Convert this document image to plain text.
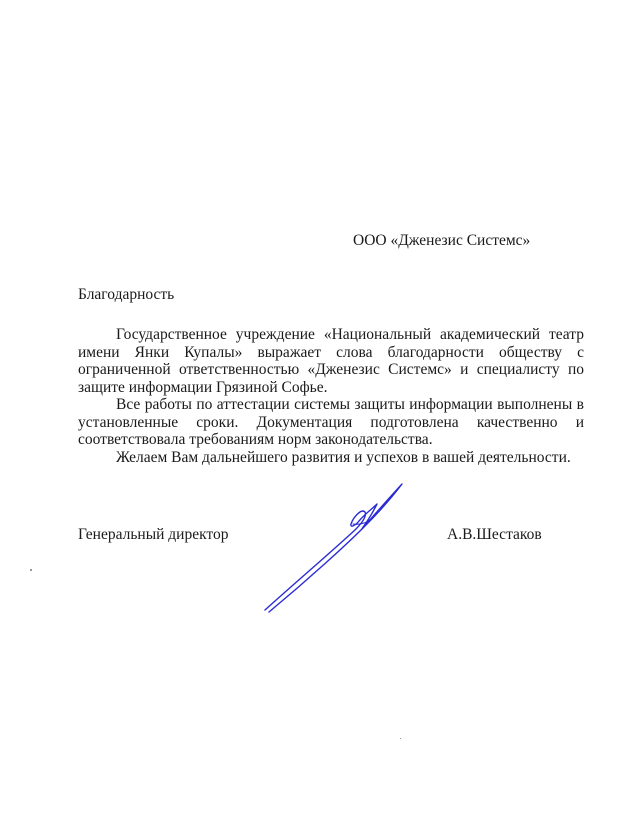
ООО «Дженезис Системс»
Благодарность

Государственное учреждение «Национальный академический театр имени Янки Купалы» выражает слова благодарности обществу с ограниченной ответственностью «Дженезис Системс» и специалисту по защите информации Грязиной Софье.

Все работы по аттестации системы защиты информации выполнены в установленные сроки. Документация подготовлена качественно и соответствовала требованиям норм законодательства.

Желаем Вам дальнейшего развития и успехов в вашей деятельности.

Генеральный директор	А.В.Шестаков
